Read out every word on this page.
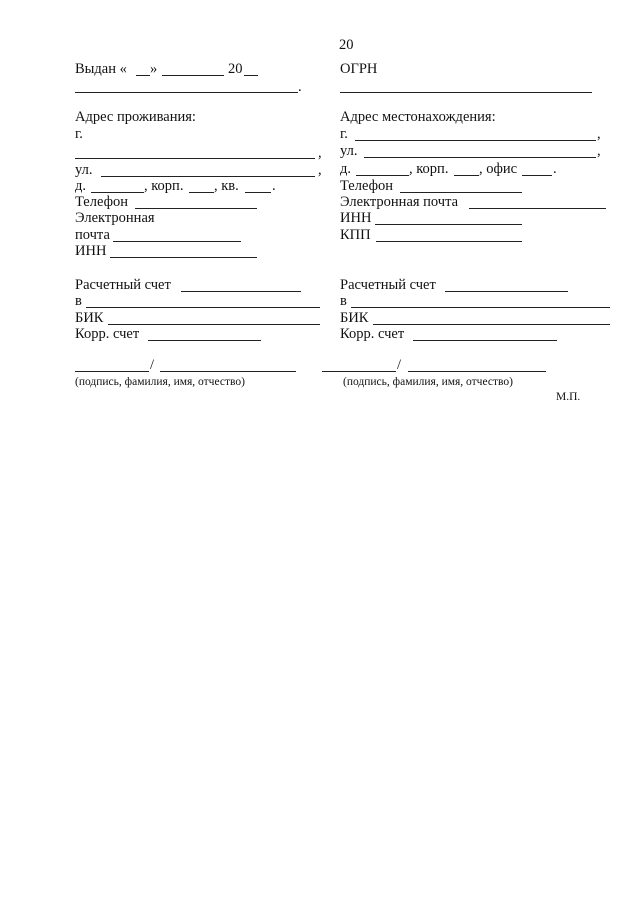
20
Выдан « »	20
.
Адрес проживания:
г.
,
ул.	,
д.	, корп. , кв. .
Телефон
Электронная
почта
ИНН
Расчетный счет
в
БИК
Корр. счет
/
(подпись, фамилия, имя, отчество)
ОГРН
Адрес местонахождения:
г.	,
ул.	,
д.	, корп. , офис .
Телефон
Электронная почта
ИНН
КПП
Расчетный счет
в
БИК
Корр. счет
/
(подпись, фамилия, имя, отчество)
М.П.
